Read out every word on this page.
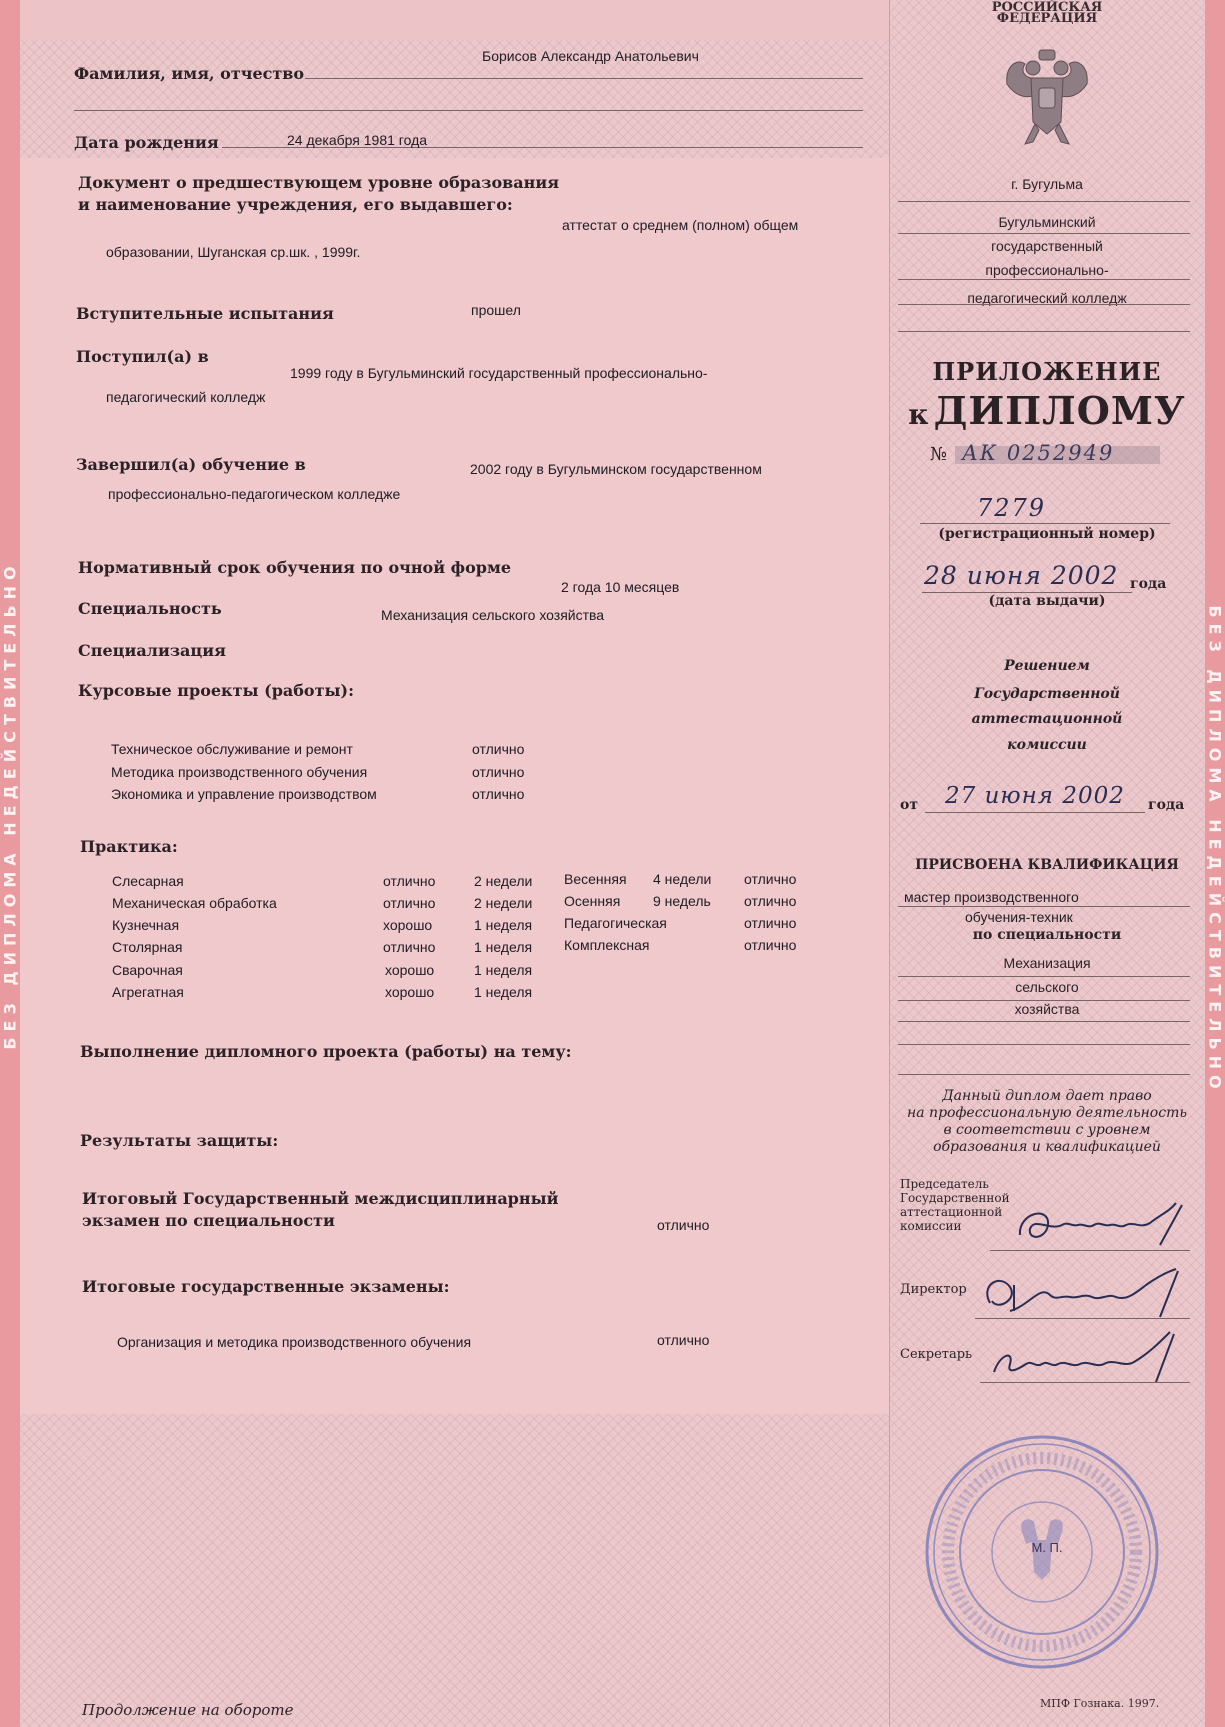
БЕЗ ДИПЛОМА НЕДЕЙСТВИТЕЛЬНО	БЕЗ ДИПЛОМА НЕДЕЙСТВИТЕЛЬНО
Фамилия, имя, отчество
Борисов Александр Анатольевич
Дата рождения	24 декабря 1981 года
Документ о предшествующем уровне образования
и наименование учреждения, его выдавшего:
аттестат о среднем (полном) общем
образовании, Шуганская ср.шк. , 1999г.
Вступительные испытания	прошел
Поступил(а) в
1999 году в Бугульминский государственный профессионально-
педагогический колледж
Завершил(а) обучение в	2002 году в Бугульминском государственном
профессионально-педагогическом колледже
Нормативный срок обучения по очной форме
2 года 10 месяцев
Специальность	Механизация сельского хозяйства
Специализация
Курсовые проекты (работы):
Техническое обслуживание и ремонт	отлично
Методика производственного обучения	отлично
Экономика и управление производством	отлично
Практика:
Слесарная	отлично	2 недели
Механическая обработка	отлично	2 недели
Кузнечная	хорошо	1 неделя
Столярная	отлично	1 неделя
Сварочная	хорошо	1 неделя
Агрегатная	хорошо	1 неделя
Весенняя 4 недели отлично
Осенняя 9 недель отлично
Педагогическая	отлично
Комплексная	отлично
Выполнение дипломного проекта (работы) на тему:
Результаты защиты:
Итоговый Государственный междисциплинарный
экзамен по специальности	отлично
Итоговые государственные экзамены:
Организация и методика производственного обучения	отлично
Продолжение на обороте
РОССИЙСКАЯ
ФЕДЕРАЦИЯ
г. Бугульма
Бугульминский
государственный
профессионально-
педагогический колледж
ПРИЛОЖЕНИЕ
к ДИПЛОМУ
№ АК 0252949
7279
(регистрационный номер)
28 июня 2002 года
(дата выдачи)
Решением
Государственной
аттестационной
комиссии
от 27 июня 2002 года
ПРИСВОЕНА КВАЛИФИКАЦИЯ
мастер производственного
обучения-техник
по специальности
Механизация
сельского
хозяйства
Данный диплом дает право
на профессиональную деятельность
в соответствии с уровнем
образования и квалификацией
Председатель
Государственной
аттестационной
комиссии
Директор
Секретарь
М. П.
МПФ Гознака. 1997.
